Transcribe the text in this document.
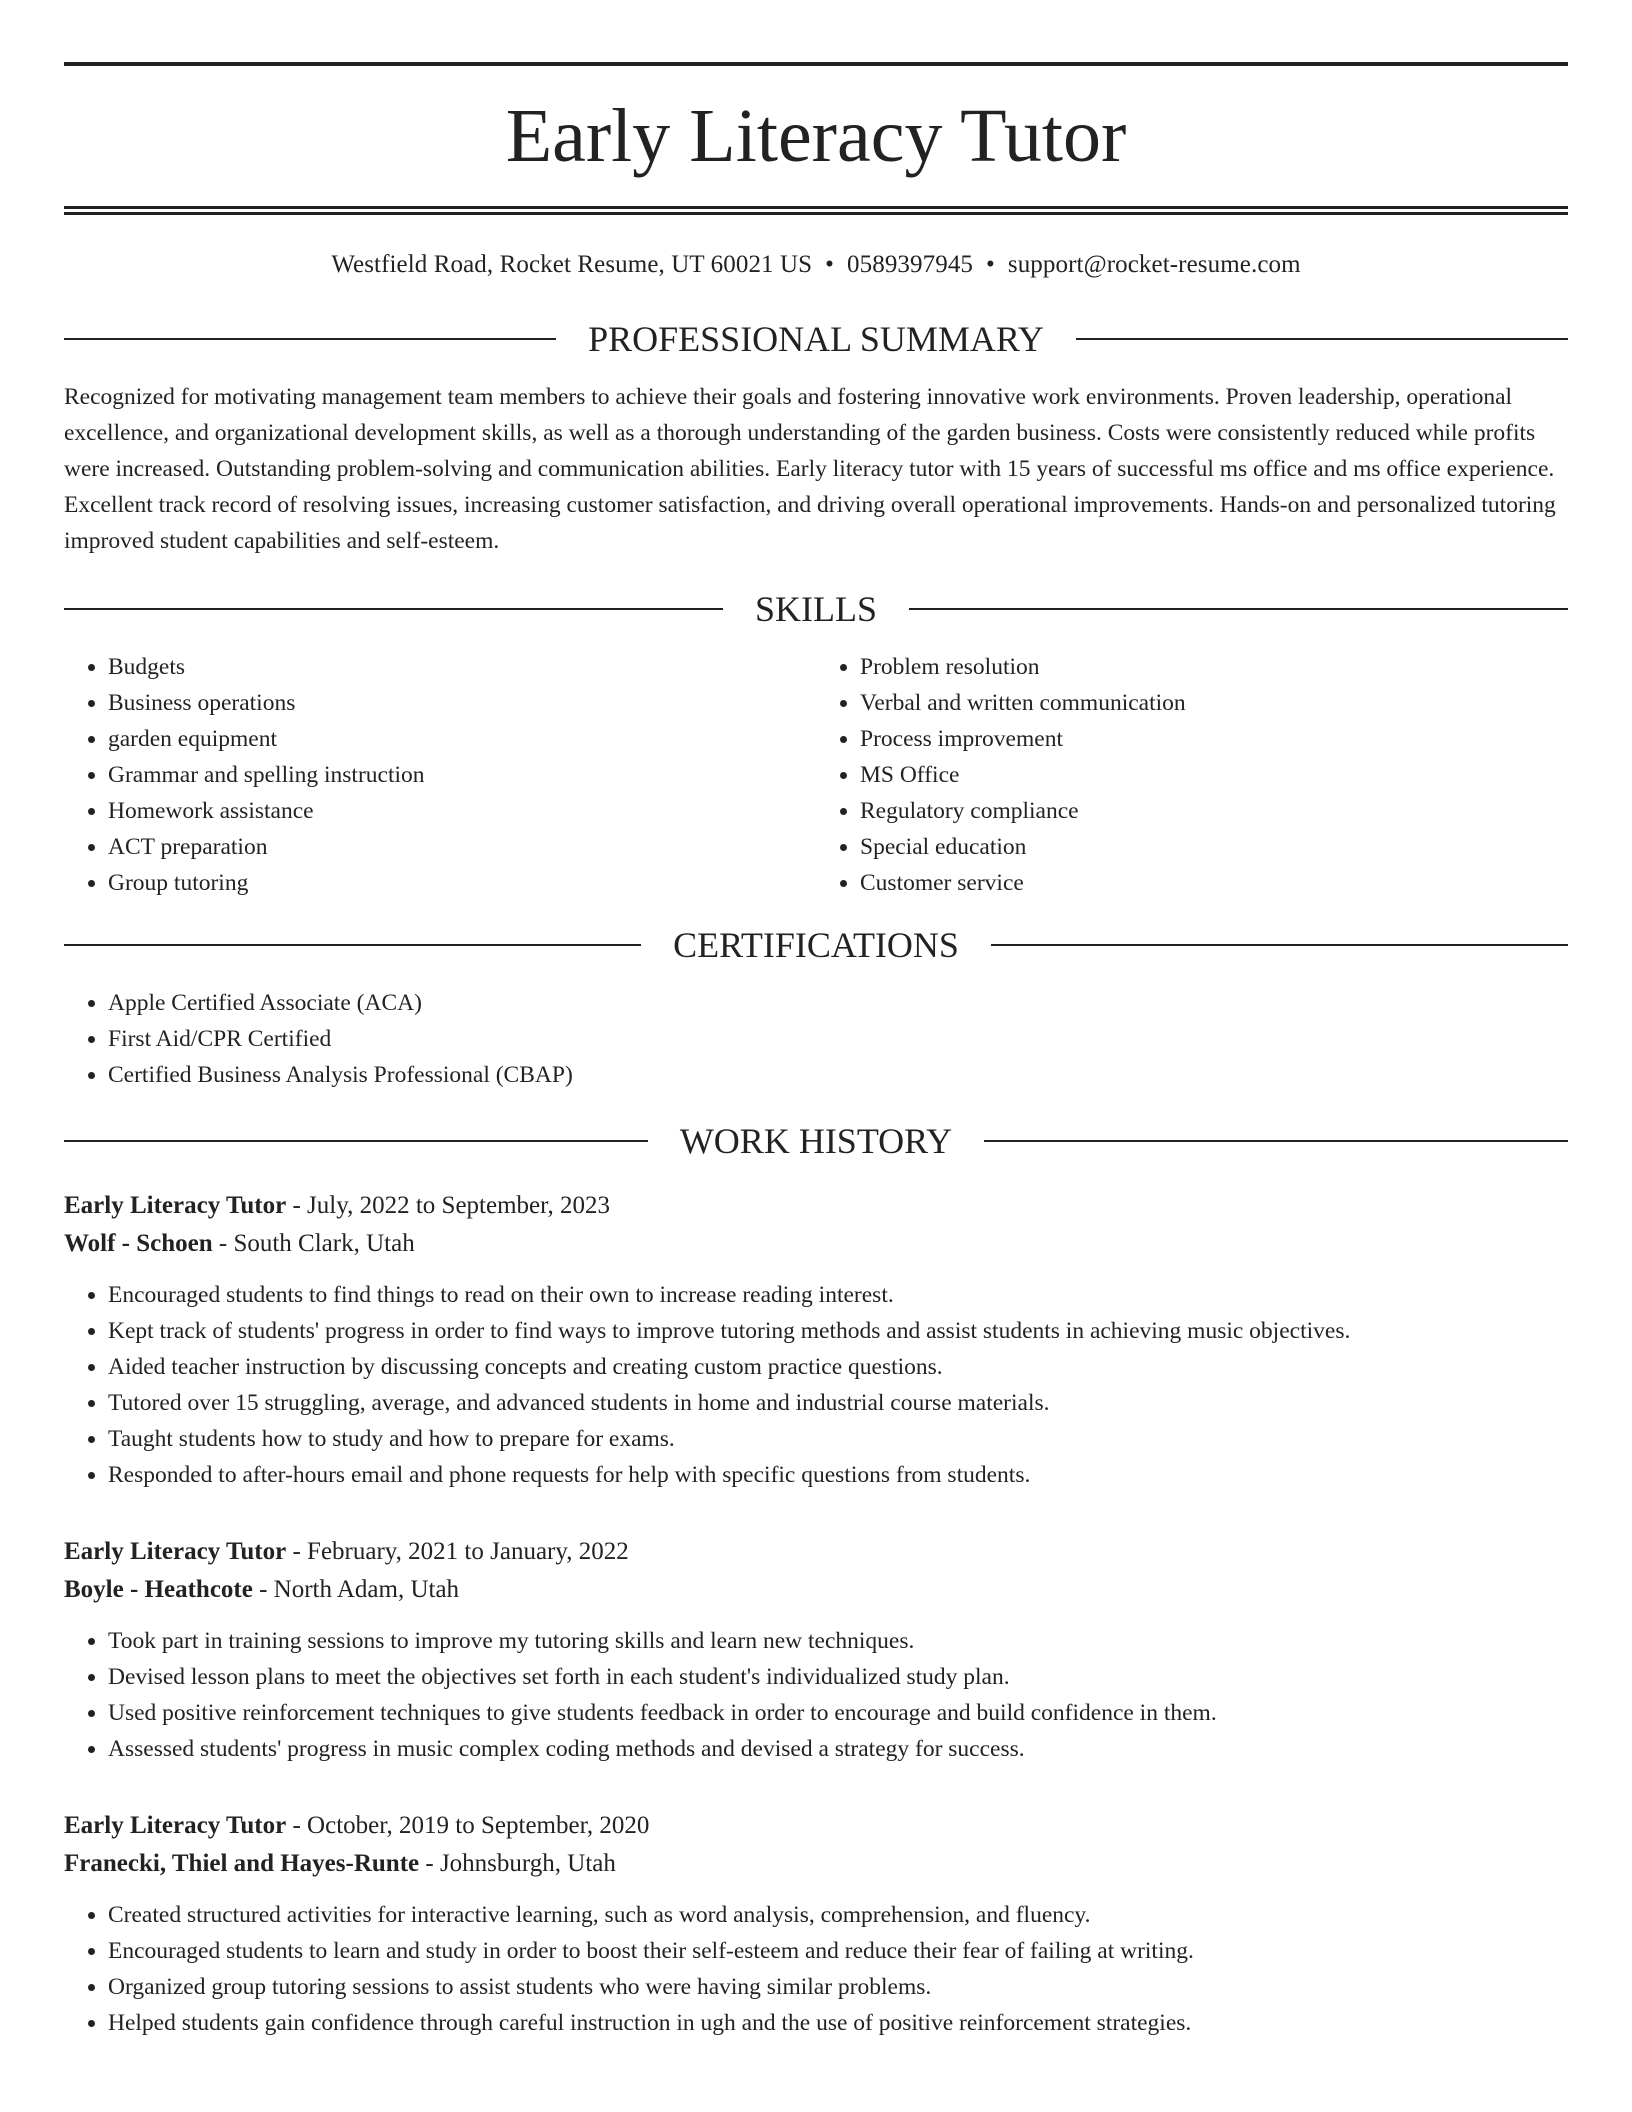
Early Literacy Tutor
Westfield Road, Rocket Resume, UT 60021 US • 0589397945 • support@rocket-resume.com
PROFESSIONAL SUMMARY
Recognized for motivating management team members to achieve their goals and fostering innovative work environments. Proven leadership, operational excellence, and organizational development skills, as well as a thorough understanding of the garden business. Costs were consistently reduced while profits were increased. Outstanding problem-solving and communication abilities. Early literacy tutor with 15 years of successful ms office and ms office experience. Excellent track record of resolving issues, increasing customer satisfaction, and driving overall operational improvements. Hands-on and personalized tutoring improved student capabilities and self-esteem.
SKILLS
• Budgets
• Business operations
• garden equipment
• Grammar and spelling instruction
• Homework assistance
• ACT preparation
• Group tutoring
• Problem resolution
• Verbal and written communication
• Process improvement
• MS Office
• Regulatory compliance
• Special education
• Customer service
CERTIFICATIONS
• Apple Certified Associate (ACA)
• First Aid/CPR Certified
• Certified Business Analysis Professional (CBAP)
WORK HISTORY
Early Literacy Tutor - July, 2022 to September, 2023
Wolf - Schoen - South Clark, Utah
• Encouraged students to find things to read on their own to increase reading interest.
• Kept track of students' progress in order to find ways to improve tutoring methods and assist students in achieving music objectives.
• Aided teacher instruction by discussing concepts and creating custom practice questions.
• Tutored over 15 struggling, average, and advanced students in home and industrial course materials.
• Taught students how to study and how to prepare for exams.
• Responded to after-hours email and phone requests for help with specific questions from students.
Early Literacy Tutor - February, 2021 to January, 2022
Boyle - Heathcote - North Adam, Utah
• Took part in training sessions to improve my tutoring skills and learn new techniques.
• Devised lesson plans to meet the objectives set forth in each student's individualized study plan.
• Used positive reinforcement techniques to give students feedback in order to encourage and build confidence in them.
• Assessed students' progress in music complex coding methods and devised a strategy for success.
Early Literacy Tutor - October, 2019 to September, 2020
Franecki, Thiel and Hayes-Runte - Johnsburgh, Utah
• Created structured activities for interactive learning, such as word analysis, comprehension, and fluency.
• Encouraged students to learn and study in order to boost their self-esteem and reduce their fear of failing at writing.
• Organized group tutoring sessions to assist students who were having similar problems.
• Helped students gain confidence through careful instruction in ugh and the use of positive reinforcement strategies.
